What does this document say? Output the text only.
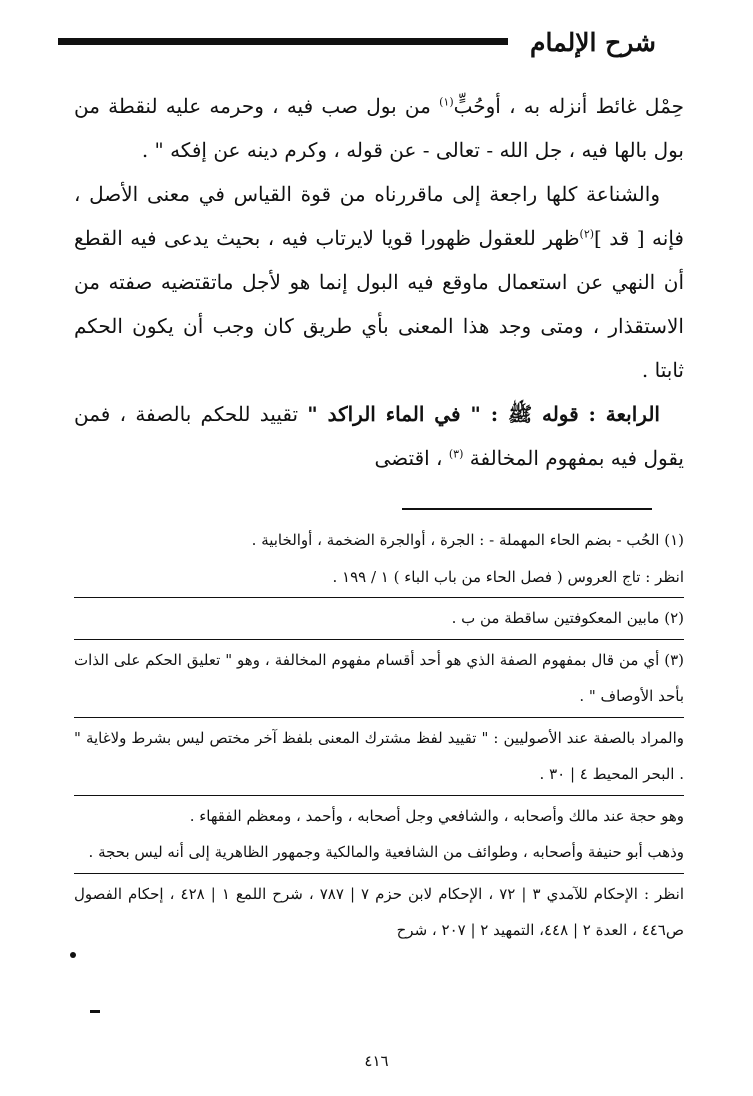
شرح الإلمام

حِمْل غائط أنزله به ، أوحُبٍّ$^{(١)}$ من بول صب فيه ، وحرمه عليه لنقطة من بول بالها فيه ، جل الله - تعالى - عن قوله ، وكرم دينه عن إفكه " .

والشناعة كلها راجعة إلى ماقررناه من قوة القياس في معنى الأصل ، فإنه [ قد ]$^{(٢)}$ظهر للعقول ظهورا قويا لايرتاب فيه ، بحيث يدعى فيه القطع أن النهي عن استعمال ماوقع فيه البول إنما هو لأجل ماتقتضيه صفته من الاستقذار ، ومتى وجد هذا المعنى بأي طريق كان وجب أن يكون الحكم ثابتا .

الرابعة : قوله ﷺ : " في الماء الراكد " تقييد للحكم بالصفة ، فمن يقول فيه بمفهوم المخالفة $^{(٣)}$ ، اقتضى

(١) الحُب - بضم الحاء المهملة - : الجرة ، أوالجرة الضخمة ، أوالخابية .

انظر : تاج العروس ( فصل الحاء من باب الباء ) ١ / ١٩٩ .

(٢) مابين المعكوفتين ساقطة من ب .

(٣) أي من قال بمفهوم الصفة الذي هو أحد أقسام مفهوم المخالفة ، وهو " تعليق الحكم على الذات بأحد الأوصاف " .

والمراد بالصفة عند الأصوليين : " تقييد لفظ مشترك المعنى بلفظ آخر مختص ليس بشرط ولاغاية " . البحر المحيط ٤ | ٣٠ .

وهو حجة عند مالك وأصحابه ، والشافعي وجل أصحابه ، وأحمد ، ومعظم الفقهاء .

وذهب أبو حنيفة وأصحابه ، وطوائف من الشافعية والمالكية وجمهور الظاهرية إلى أنه ليس بحجة .

انظر : الإحكام للآمدي ٣ | ٧٢ ، الإحكام لابن حزم ٧ | ٧٨٧ ، شرح اللمع ١ | ٤٢٨ ، إحكام الفصول ص٤٤٦ ، العدة ٢ | ٤٤٨، التمهيد ٢ | ٢٠٧ ، شرح

٤١٦
